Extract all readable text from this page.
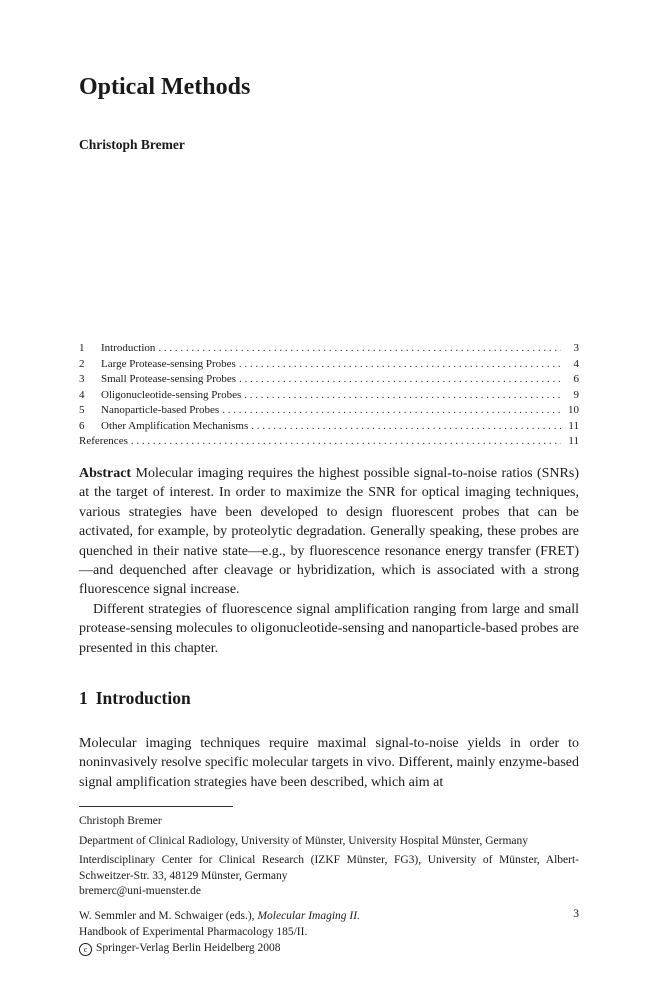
Optical Methods
Christoph Bremer
1	Introduction . . .	3
2	Large Protease-sensing Probes . . .	4
3	Small Protease-sensing Probes . . .	6
4	Oligonucleotide-sensing Probes . . .	9
5	Nanoparticle-based Probes . . .	10
6	Other Amplification Mechanisms . . .	11
References . . .	11

Abstract Molecular imaging requires the highest possible signal-to-noise ratios (SNRs) at the target of interest. In order to maximize the SNR for optical imaging techniques, various strategies have been developed to design fluorescent probes that can be activated, for example, by proteolytic degradation. Generally speaking, these probes are quenched in their native state—e.g., by fluorescence resonance energy transfer (FRET)—and dequenched after cleavage or hybridization, which is associated with a strong fluorescence signal increase.

Different strategies of fluorescence signal amplification ranging from large and small protease-sensing molecules to oligonucleotide-sensing and nanoparticle-based probes are presented in this chapter.

1 Introduction

Molecular imaging techniques require maximal signal-to-noise yields in order to noninvasively resolve specific molecular targets in vivo. Different, mainly enzyme-based signal amplification strategies have been described, which aim at

Christoph Bremer
Department of Clinical Radiology, University of Münster, University Hospital Münster, Germany
Interdisciplinary Center for Clinical Research (IZKF Münster, FG3), University of Münster, Albert-Schweitzer-Str. 33, 48129 Münster, Germany
bremerc@uni-muenster.de
W. Semmler and M. Schwaiger (eds.), Molecular Imaging II.
Handbook of Experimental Pharmacology 185/II.
c Springer-Verlag Berlin Heidelberg 2008
3
